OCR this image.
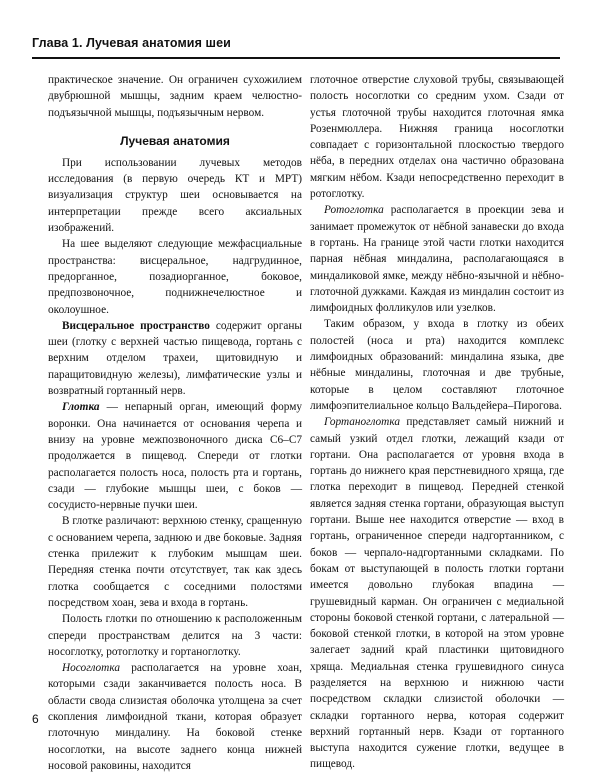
Глава 1. Лучевая анатомия шеи

практическое значение. Он ограничен сухожилием двубрюшной мышцы, задним краем челюстно-подъязычной мышцы, подъязычным нервом.

Лучевая анатомия

При использовании лучевых методов исследования (в первую очередь КТ и МРТ) визуализация структур шеи основывается на интерпретации прежде всего аксиальных изображений.

На шее выделяют следующие межфасциальные пространства: висцеральное, надгрудинное, предорганное, позадиорганное, боковое, предпозвоночное, поднижнечелюстное и околоушное.

Висцеральное пространство содержит органы шеи (глотку с верхней частью пищевода, гортань с верхним отделом трахеи, щитовидную и паращитовидную железы), лимфатические узлы и возвратный гортанный нерв.

Глотка — непарный орган, имеющий форму воронки. Она начинается от основания черепа и внизу на уровне межпозвоночного диска С6–С7 продолжается в пищевод. Спереди от глотки располагается полость носа, полость рта и гортань, сзади — глубокие мышцы шеи, с боков — сосудисто-нервные пучки шеи.

В глотке различают: верхнюю стенку, сращенную с основанием черепа, заднюю и две боковые. Задняя стенка прилежит к глубоким мышцам шеи. Передняя стенка почти отсутствует, так как здесь глотка сообщается с соседними полостями посредством хоан, зева и входа в гортань.

Полость глотки по отношению к расположенным спереди пространствам делится на 3 части: носоглотку, ротоглотку и гортаноглотку.

Носоглотка располагается на уровне хоан, которыми сзади заканчивается полость носа. В области свода слизистая оболочка утолщена за счет скопления лимфоидной ткани, которая образует глоточную миндалину. На боковой стенке носоглотки, на высоте заднего конца нижней носовой раковины, находится

глоточное отверстие слуховой трубы, связывающей полость носоглотки со средним ухом. Сзади от устья глоточной трубы находится глоточная ямка Розенмюллера. Нижняя граница носоглотки совпадает с горизонтальной плоскостью твердого нёба, в передних отделах она частично образована мягким нёбом. Кзади непосредственно переходит в ротоглотку.

Ротоглотка располагается в проекции зева и занимает промежуток от нёбной занавески до входа в гортань. На границе этой части глотки находится парная нёбная миндалина, располагающаяся в миндаликовой ямке, между нёбно-язычной и нёбно-глоточной дужками. Каждая из миндалин состоит из лимфоидных фолликулов или узелков.

Таким образом, у входа в глотку из обеих полостей (носа и рта) находится комплекс лимфоидных образований: миндалина языка, две нёбные миндалины, глоточная и две трубные, которые в целом составляют глоточное лимфоэпителиальное кольцо Вальдейера–Пирогова.

Гортаноглотка представляет самый нижний и самый узкий отдел глотки, лежащий кзади от гортани. Она располагается от уровня входа в гортань до нижнего края перстневидного хряща, где глотка переходит в пищевод. Передней стенкой является задняя стенка гортани, образующая выступ гортани. Выше нее находится отверстие — вход в гортань, ограниченное спереди надгортанником, с боков — черпало-надгортанными складками. По бокам от выступающей в полость глотки гортани имеется довольно глубокая впадина — грушевидный карман. Он ограничен с медиальной стороны боковой стенкой гортани, с латеральной — боковой стенкой глотки, в которой на этом уровне залегает задний край пластинки щитовидного хряща. Медиальная стенка грушевидного синуса разделяется на верхнюю и нижнюю части посредством складки слизистой оболочки — складки гортанного нерва, которая содержит верхний гортанный нерв. Кзади от гортанного выступа находится сужение глотки, ведущее в пищевод.

6
